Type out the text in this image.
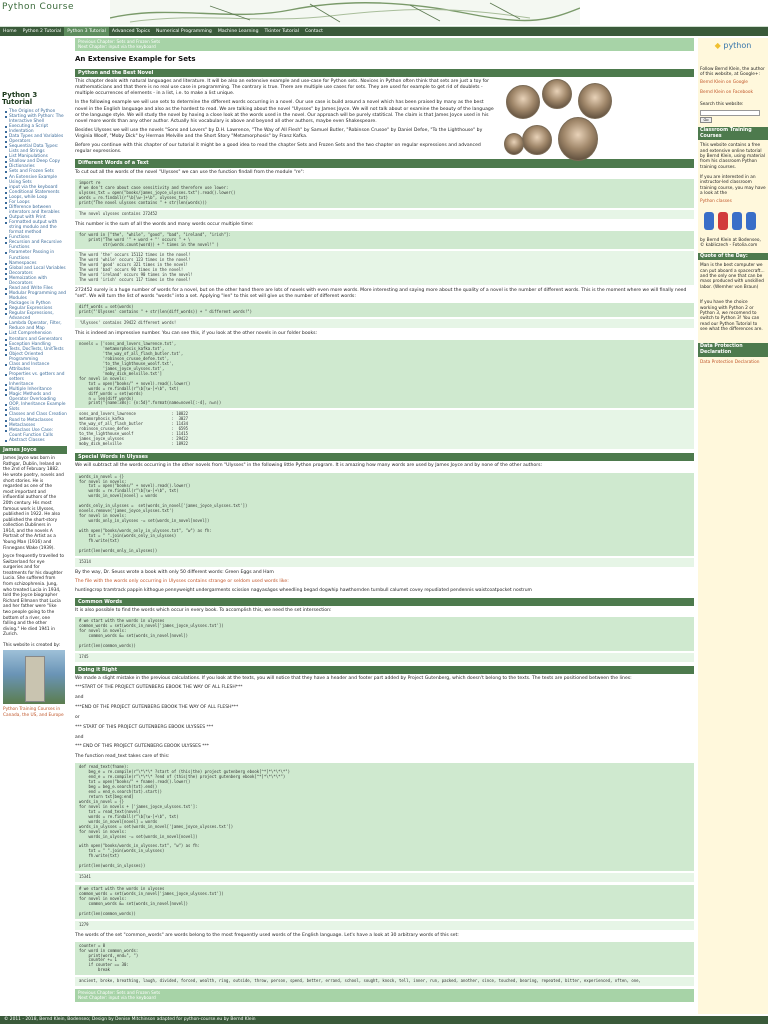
Python Course
Home	Python 2 Tutorial	Python 3 Tutorial	Advanced Topics	Numerical Programming	Machine Learning	Tkinter Tutorial	Contact
Python 3 Tutorial
The Origins of Python
Starting with Python: The Interactive Shell
Executing a Script
Indentation
Data Types and Variables
Operators
Sequential Data Types: Lists and Strings
List Manipulations
Shallow and Deep Copy
Dictionaries
Sets and Frozen Sets
An Extensive Example Using Sets
input via the keyboard
Conditional Statements
Loops, while Loop
For Loops
Difference between interators and Iterables
Output with Print
Formatted output with string modulo and the format method
Functions
Recursion and Recursive Functions
Parameter Passing in Functions
Namespaces
Global and Local Variables
Decorators
Memoization with Decorators
Read and Write Files
Modular Programming and Modules
Packages in Python
Regular Expressions
Regular Expressions, Advanced
Lambda Operator, Filter, Reduce and Map
List Comprehension
Iterators and Generators
Exception Handling
Tests, DocTests, UnitTests
Object Oriented Programming
Class and Instance Attributes
Properties vs. getters and setters
Inheritance
Multiple Inheritance
Magic Methods and Operator Overloading
OOP, Inheritance Example
Slots
Classes and Class Creation
Road to Metaclasses
Metaclasses
Metaclass Use Case: Count Function Calls
Abstract Classes
James Joyce
James Joyce was born in Rathgar, Dublin, Ireland on the 2nd of February 1882. He wrote poetry, novels and short stories. He is regarded as one of the most important and influential authors of the 20th century. His most famous work is Ulysses, published in 1922. He also published the short-story collection Dubliners in 1914, and the novels A Portrait of the Artist as a Young Man (1916) and Finnegans Wake (1939).
Joyce frequently travelled to Switzerland for eye surgeries and for treatments for his daughter Lucia. She suffered from from schizophrenia. Jung, who treated Lucia in 1934, told the Joyce biographer Richard Ellmann that Lucia and her father were "like two people going to the bottom of a river, one falling and the other diving." He died 1941 in Zurich.
This website is created by:
Python Training Courses in Canada, the US, and Europe
Previous Chapter: Sets and Frozen Sets
Next Chapter: input via the keyboard
An Extensive Example for Sets
Python and the Best Novel
This chapter deals with natural languages and literature. It will be also an extensive example and use-case for Python sets. Novices in Python often think that sets are just a toy for mathematicians and that there is no real use case in programming. The contrary is true. There are multiple use cases for sets. They are used for example to get rid of doublets - multiple occurrences of elements - in a list, i.e. to make a list unique.
In the following example we will use sets to determine the different words occurring in a novel. Our use case is build around a novel which has been praised by many as the best novel in the English language and also as the hardest to read. We are talking about the novel "Ulysses" by James Joyce. We will not talk about or examine the beauty of the language or the language style. We will study the novel by having a close look at the words used in the novel. Our approach will be purely statitical. The claim is that James Joyce used in his novel more words than any other author. Actually his vocabulary is above and beyond all other authors, maybe even Shakespeare.
Besides Ulysses we will use the novels "Sons and Lovers" by D.H. Lawrence, "The Way of All Flesh" by Samuel Butler, "Robinson Crusoe" by Daniel Defoe, "To the Lighthouse" by Virginia Woolf, "Moby Dick" by Herman Melville and the Short Story "Metamorphosis" by Franz Kafka.
Before you continue with this chapter of our tutorial it might be a good idea to read the chapter Sets and Frozen Sets and the two chapter on regular expressions and advanced regular expressions.
Different Words of a Text
To cut out all the words of the novel "Ulysses" we can use the function findall from the module "re":
import re
# we don't care about case sensitivity and therefore use lower:
ulysses_txt = open("books/james_joyce_ulysses.txt").read().lower()
words = re.findall(r"\b[\w-]+\b", ulysses_txt)
print("The novel ulysses contains " + str(len(words)))
The novel ulysses contains 272452
This number is the sum of all the words and many words occur multiple time:
for word in ["the", "while", "good", "bad", "ireland", "irish"]:
print("The word '" + word + "' occurs " + \
str(words.count(word)) + " times in the novel!" )
The word 'the' occurs 15112 times in the novel!
The word 'while' occurs 123 times in the novel!
The word 'good' occurs 321 times in the novel!
The word 'bad' occurs 90 times in the novel!
The word 'ireland' occurs 90 times in the novel!
The word 'irish' occurs 117 times in the novel!
272452 surely is a huge number of words for a novel, but on the other hand there are lots of novels with even more words. More interesting and saying more about the quality of a novel is the number of different words. This is the moment where we will finally need "set". We will turn the list of words "words" into a set. Applying "len" to this set will give us the number of different words:
diff_words = set(words)
print("'Ulysses' contains " + str(len(diff_words)) + " different words!")
'Ulysses' contains 29422 different words!
This is indeed an impressive number. You can see this, if you look at the other novels in our folder books:
novels = ['sons_and_lovers_lawrence.txt',
'metamorphosis_kafka.txt',
'the_way_of_all_flash_butler.txt',
'robinson_crusoe_defoe.txt',
'to_the_lighthouse_woolf.txt',
'james_joyce_ulysses.txt',
'moby_dick_melville.txt']
for novel in novels:
txt = open("books/" + novel).read().lower()
words = re.findall(r"\b[\w-]+\b", txt)
diff_words = set(words)
n = len(diff_words)
print("{name:38s}: {n:5d}".format(name=novel[:-4], n=n))
sons_and_lovers_lawrence               : 10822
metamorphosis_kafka                    :  3027
the_way_of_all_flash_butler            : 11434
robinson_crusoe_defoe                  :  6595
to_the_lighthouse_woolf                : 11415
james_joyce_ulysses                    : 29422
moby_dick_melville                     : 18922
Special Words in Ulysses
We will subtract all the words occurring in the other novels from "Ulysses" in the following little Python program. It is amazing how many words are used by James Joyce and by none of the other authors:
words_in_novel = {}
for novel in novels:
txt = open("books/" + novel).read().lower()
words = re.findall(r"\b[\w-]+\b", txt)
words_in_novel[novel] = words

words_only_in_ulysses =  set(words_in_novel['james_joyce_ulysses.txt'])
novels.remove('james_joyce_ulysses.txt')
for novel in novels:
words_only_in_ulysses -= set(words_in_novel[novel])

with open("books/words_only_in_ulysses.txt", "w") as fh:
txt = " ".join(words_only_in_ulysses)
fh.write(txt)

print(len(words_only_in_ulysses))
15314
By the way, Dr. Seuss wrote a book with only 50 different words: Green Eggs and Ham
The file with the words only occurring in Ulysses contains strange or seldom used words like:
huntingcrop tramtrack pappin kithogue pennyweight undergarments scission nagyaságos wheedling begad dogwhip hawthornden turnbull calumet covey repudiated pendennis waistcoatpocket nostrum
Common Words
It is also possible to find the words which occur in every book. To accomplish this, we need the set intersection:
# we start with the words in ulysses
common_words = set(words_in_novel['james_joyce_ulysses.txt'])
for novel in novels:
common_words &= set(words_in_novel[novel])

print(len(common_words))
1745
Doing it Right
We made a slight mistake in the previous calculations. If you look at the texts, you will notice that they have a header and footer part added by Project Gutenberg, which doesn't belong to the texts. The texts are positioned between the lines:
***START OF THE PROJECT GUTENBERG EBOOK THE WAY OF ALL FLESH***
and
***END OF THE PROJECT GUTENBERG EBOOK THE WAY OF ALL FLESH***
or
*** START OF THIS PROJECT GUTENBERG EBOOK ULYSSES ***
and
*** END OF THIS PROJECT GUTENBERG EBOOK ULYSSES ***
The function read_text takes care of this:
def read_text(fname):
beg_e = re.compile(r"\*\*\* ?start of (this|the) project gutenberg ebook[^*]*\*\*\*")
end_e = re.compile(r"\*\*\* ?end of (this|the) project gutenberg ebook[^*]*\*\*\*")
txt = open("books/" + fname).read().lower()
beg = beg_e.search(txt).end()
end = end_e.search(txt).start()
return txt[beg:end]
words_in_novel = {}
for novel in novels + ['james_joyce_ulysses.txt']:
txt = read_text(novel)
words = re.findall(r"\b[\w-]+\b", txt)
words_in_novel[novel] = words
words_in_ulysses = set(words_in_novel['james_joyce_ulysses.txt'])
for novel in novels:
words_in_ulysses -= set(words_in_novel[novel])

with open("books/words_in_ulysses.txt", "w") as fh:
txt = " ".join(words_in_ulysses)
fh.write(txt)

print(len(words_in_ulysses))
15341
# we start with the words in ulysses
common_words = set(words_in_novel['james_joyce_ulysses.txt'])
for novel in novels:
common_words &= set(words_in_novel[novel])

print(len(common_words))
1279
The words of the set "common_words" are words belong to the most frequently used words of the English language. Let's have a look at 30 arbitrary words of this set:
counter = 0
for word in common_words:
print(word, end=", ")
counter += 1
if counter == 30:
break
ancient, broke, breathing, laugh, divided, forced, wealth, ring, outside, throw, person, spend, better, errand, school, sought, knock, tell, inner, run, packed, another, since, touched, bearing, repeated, bitter, experienced, often, one,
Previous Chapter: Sets and Frozen Sets
Next Chapter: input via the keyboard
◆ python
Follow Bernd Klein, the author of this website, at Google+:
Bernd Klein on Google
Bernd Klein on Facebook
Search this website:
Go
Classroom Training Courses
This website contains a free and extensive online tutorial by Bernd Klein, using material from his classroom Python training courses.
If you are interested in an instructor-led classroom training course, you may have a look at the
Python classes
by Bernd Klein at Bodenseo, © kabliczech - Fotolia.com
Quote of the Day:
Man is the best computer we can put aboard a spacecraft... and the only one that can be mass produced with unskilled labor. (Wernher von Braun)
If you have the choice working with Python 2 or Python 3, we recomend to switch to Python 3! You can read our Python Tutorial to see what the differences are.
Data Protection Declaration
Data Protection Declaration
© 2011 - 2018, Bernd Klein, Bodenseo; Design by Denise Mitchinson adapted for python-course.eu by Bernd Klein
